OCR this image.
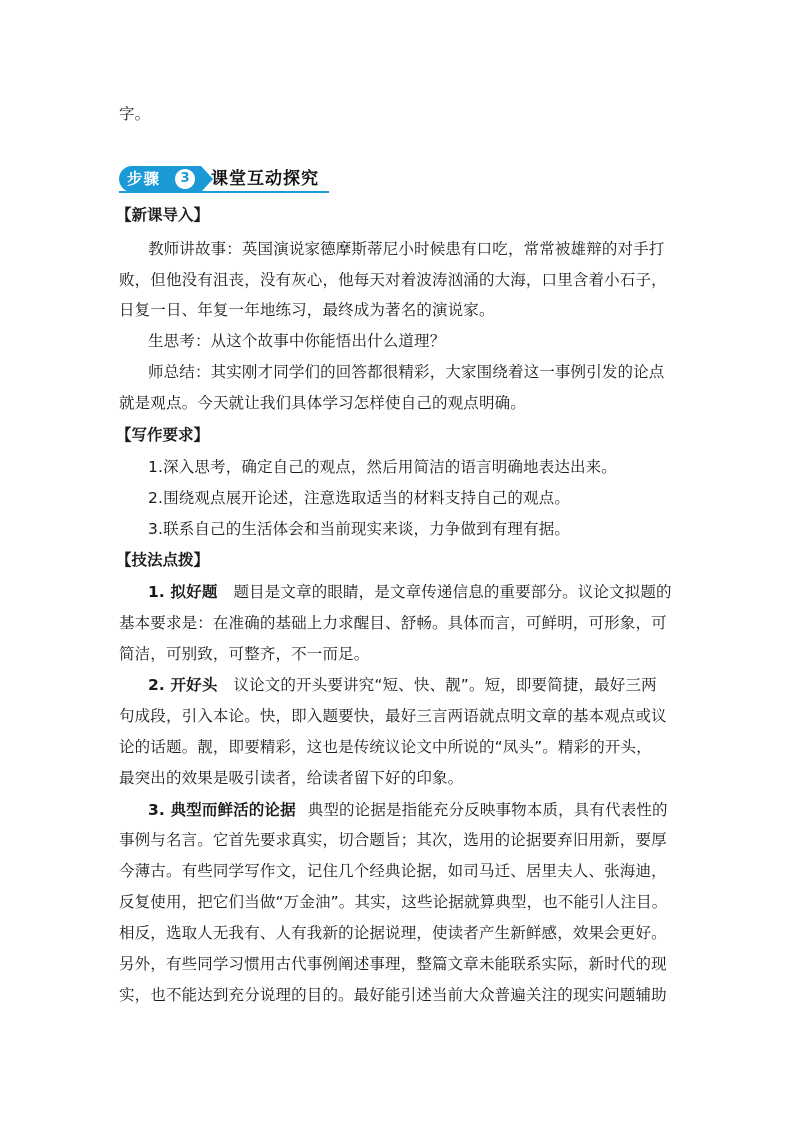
字。
步骤	3	课堂互动探究
【新课导入】
教师讲故事：英国演说家德摩斯蒂尼小时候患有口吃，常常被雄辩的对手打
败，但他没有沮丧，没有灰心，他每天对着波涛汹涌的大海，口里含着小石子，
日复一日、年复一年地练习，最终成为著名的演说家。
生思考：从这个故事中你能悟出什么道理？
师总结：其实刚才同学们的回答都很精彩，大家围绕着这一事例引发的论点
就是观点。今天就让我们具体学习怎样使自己的观点明确。
【写作要求】
1.深入思考，确定自己的观点，然后用简洁的语言明确地表达出来。
2.围绕观点展开论述，注意选取适当的材料支持自己的观点。
3.联系自己的生活体会和当前现实来谈，力争做到有理有据。
【技法点拨】
1. 拟好题 题目是文章的眼睛，是文章传递信息的重要部分。议论文拟题的
基本要求是：在准确的基础上力求醒目、舒畅。具体而言，可鲜明，可形象，可
简洁，可别致，可整齐，不一而足。
2. 开好头 议论文的开头要讲究“短、快、靓”。短，即要简捷，最好三两
句成段，引入本论。快，即入题要快，最好三言两语就点明文章的基本观点或议
论的话题。靓，即要精彩，这也是传统议论文中所说的“凤头”。精彩的开头，
最突出的效果是吸引读者，给读者留下好的印象。
3. 典型而鲜活的论据 典型的论据是指能充分反映事物本质，具有代表性的
事例与名言。它首先要求真实，切合题旨；其次，选用的论据要弃旧用新，要厚
今薄古。有些同学写作文，记住几个经典论据，如司马迁、居里夫人、张海迪，
反复使用，把它们当做“万金油”。其实，这些论据就算典型，也不能引人注目。
相反，选取人无我有、人有我新的论据说理，使读者产生新鲜感，效果会更好。
另外，有些同学习惯用古代事例阐述事理，整篇文章未能联系实际，新时代的现
实，也不能达到充分说理的目的。最好能引述当前大众普遍关注的现实问题辅助
